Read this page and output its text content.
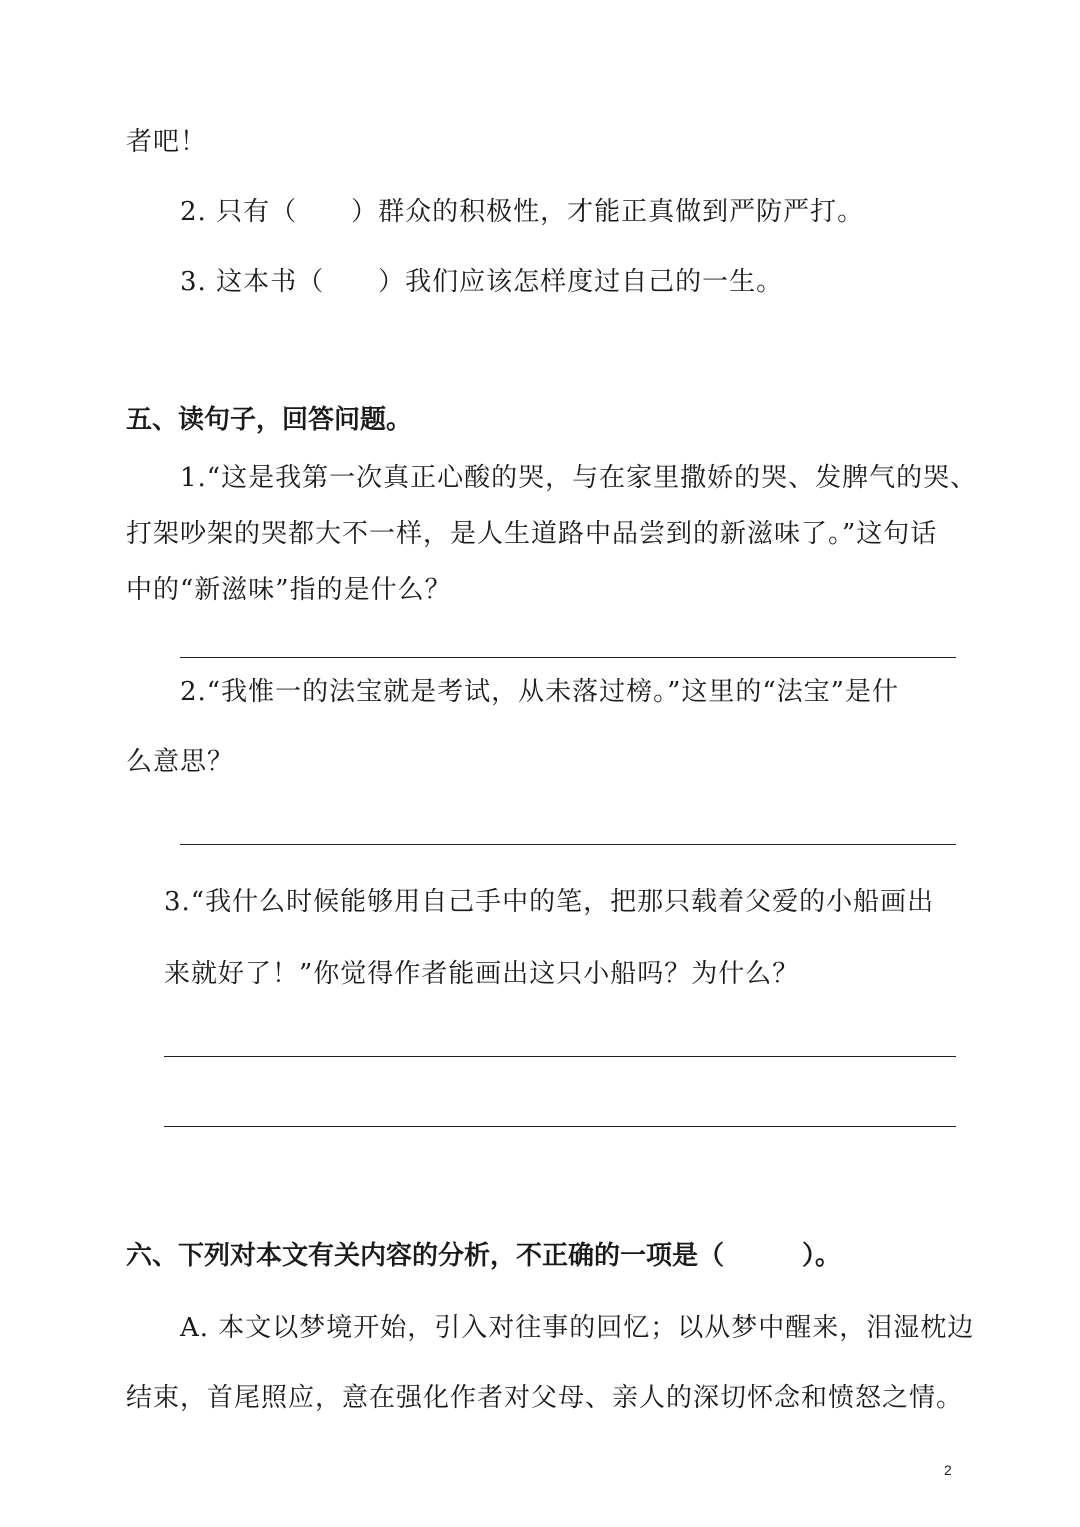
者吧！
2. 只有（　　）群众的积极性，才能正真做到严防严打。
3. 这本书（　　）我们应该怎样度过自己的一生。
五、读句子，回答问题。
1.“这是我第一次真正心酸的哭，与在家里撒娇的哭、发脾气的哭、
打架吵架的哭都大不一样，是人生道路中品尝到的新滋味了。”这句话
中的“新滋味”指的是什么？
2.“我惟一的法宝就是考试，从未落过榜。”这里的“法宝”是什
么意思？
3.“我什么时候能够用自己手中的笔，把那只载着父爱的小船画出
来就好了！”你觉得作者能画出这只小船吗？为什么？
六、下列对本文有关内容的分析，不正确的一项是（　　　）。
A. 本文以梦境开始，引入对往事的回忆；以从梦中醒来，泪湿枕边
结束，首尾照应，意在强化作者对父母、亲人的深切怀念和愤怒之情。
2
